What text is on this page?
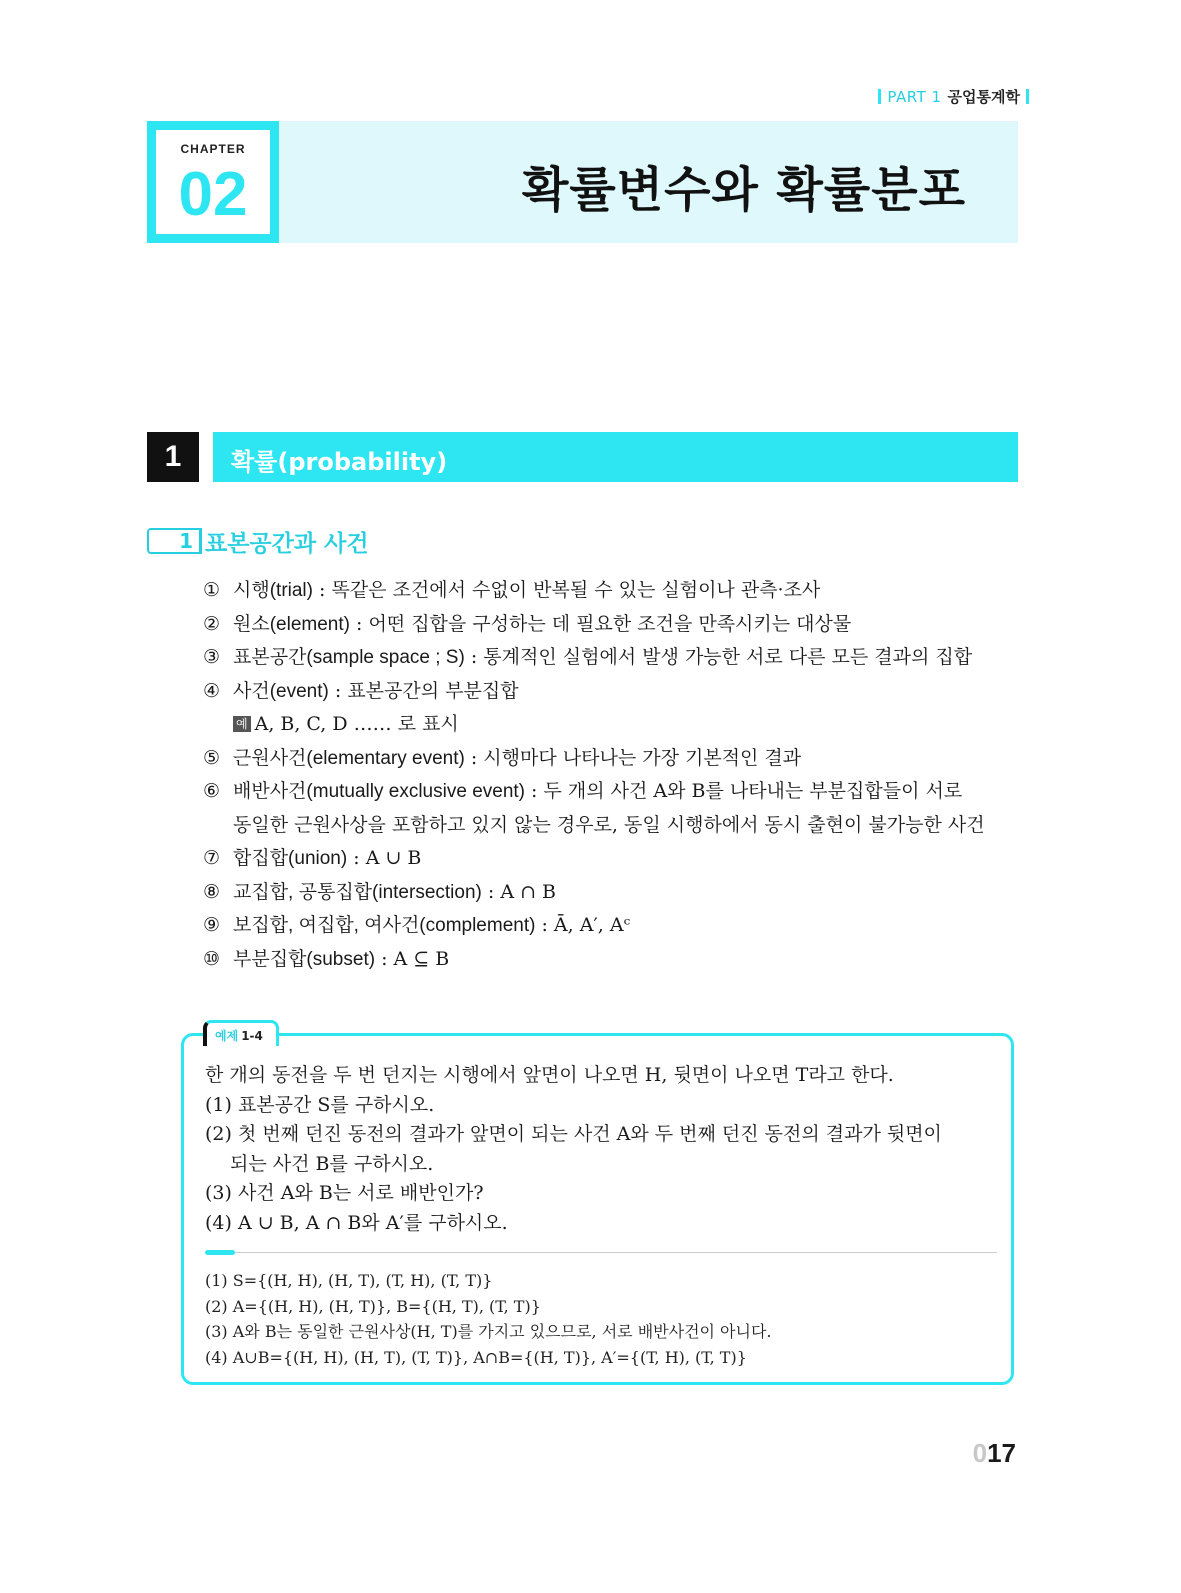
PART 1 공업통계학
CHAPTER
02	확률변수와 확률분포
1	확률(probability)
1 표본공간과 사건
① 시행(trial) : 똑같은 조건에서 수없이 반복될 수 있는 실험이나 관측·조사
② 원소(element) : 어떤 집합을 구성하는 데 필요한 조건을 만족시키는 대상물
③ 표본공간(sample space ; S) : 통계적인 실험에서 발생 가능한 서로 다른 모든 결과의 집합
④ 사건(event) : 표본공간의 부분집합
예 A, B, C, D …… 로 표시
⑤ 근원사건(elementary event) : 시행마다 나타나는 가장 기본적인 결과
⑥ 배반사건(mutually exclusive event) : 두 개의 사건 A와 B를 나타내는 부분집합들이 서로
동일한 근원사상을 포함하고 있지 않는 경우로, 동일 시행하에서 동시 출현이 불가능한 사건
⑦ 합집합(union) : A ∪ B
⑧ 교집합, 공통집합(intersection) : A ∩ B
⑨ 보집합, 여집합, 여사건(complement) : Ā, A′, Aᶜ
⑩ 부분집합(subset) : A ⊆ B
예제 1-4
한 개의 동전을 두 번 던지는 시행에서 앞면이 나오면 H, 뒷면이 나오면 T라고 한다.
(1) 표본공간 S를 구하시오.
(2) 첫 번째 던진 동전의 결과가 앞면이 되는 사건 A와 두 번째 던진 동전의 결과가 뒷면이
되는 사건 B를 구하시오.
(3) 사건 A와 B는 서로 배반인가?
(4) A ∪ B, A ∩ B와 A′를 구하시오.
(1) S={(H, H), (H, T), (T, H), (T, T)}
(2) A={(H, H), (H, T)}, B={(H, T), (T, T)}
(3) A와 B는 동일한 근원사상(H, T)를 가지고 있으므로, 서로 배반사건이 아니다.
(4) A∪B={(H, H), (H, T), (T, T)}, A∩B={(H, T)}, A′={(T, H), (T, T)}
017
